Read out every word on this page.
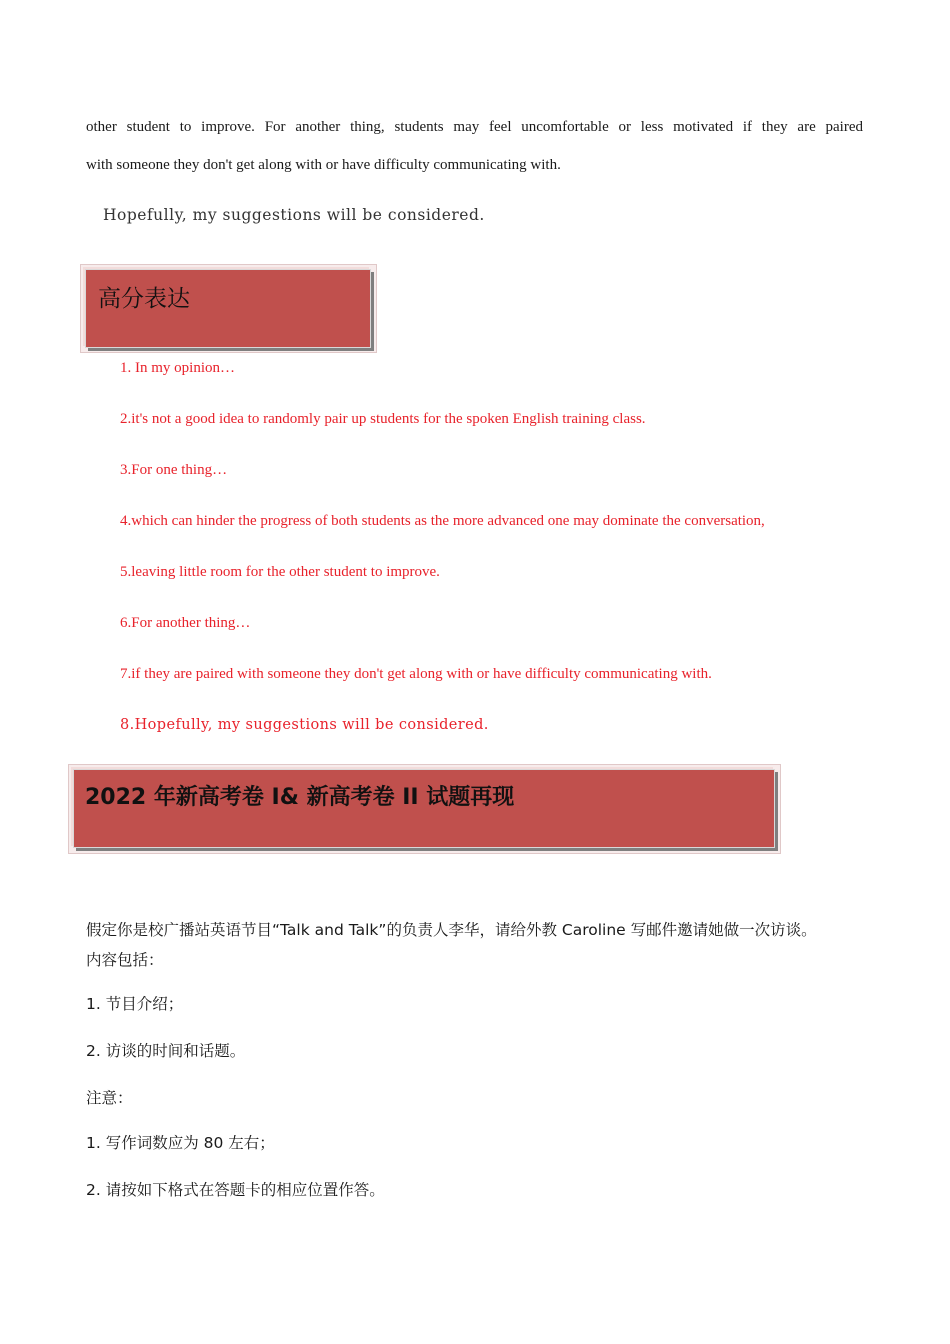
other student to improve. For another thing, students may feel uncomfortable or less motivated if they are paired
with someone they don't get along with or have difficulty communicating with.
Hopefully, my suggestions will be considered.
高分表达
1. In my opinion…
2.it's not a good idea to randomly pair up students for the spoken English training class.
3.For one thing…
4.which can hinder the progress of both students as the more advanced one may dominate the conversation,
5.leaving little room for the other student to improve.
6.For another thing…
7.if they are paired with someone they don't get along with or have difficulty communicating with.
8.Hopefully, my suggestions will be considered.
2022 年新高考卷 I& 新高考卷 II 试题再现
假定你是校广播站英语节目“Talk and Talk”的负责人李华，请给外教 Caroline 写邮件邀请她做一次访谈。
内容包括：
1. 节目介绍；
2. 访谈的时间和话题。
注意：
1. 写作词数应为 80 左右；
2. 请按如下格式在答题卡的相应位置作答。
